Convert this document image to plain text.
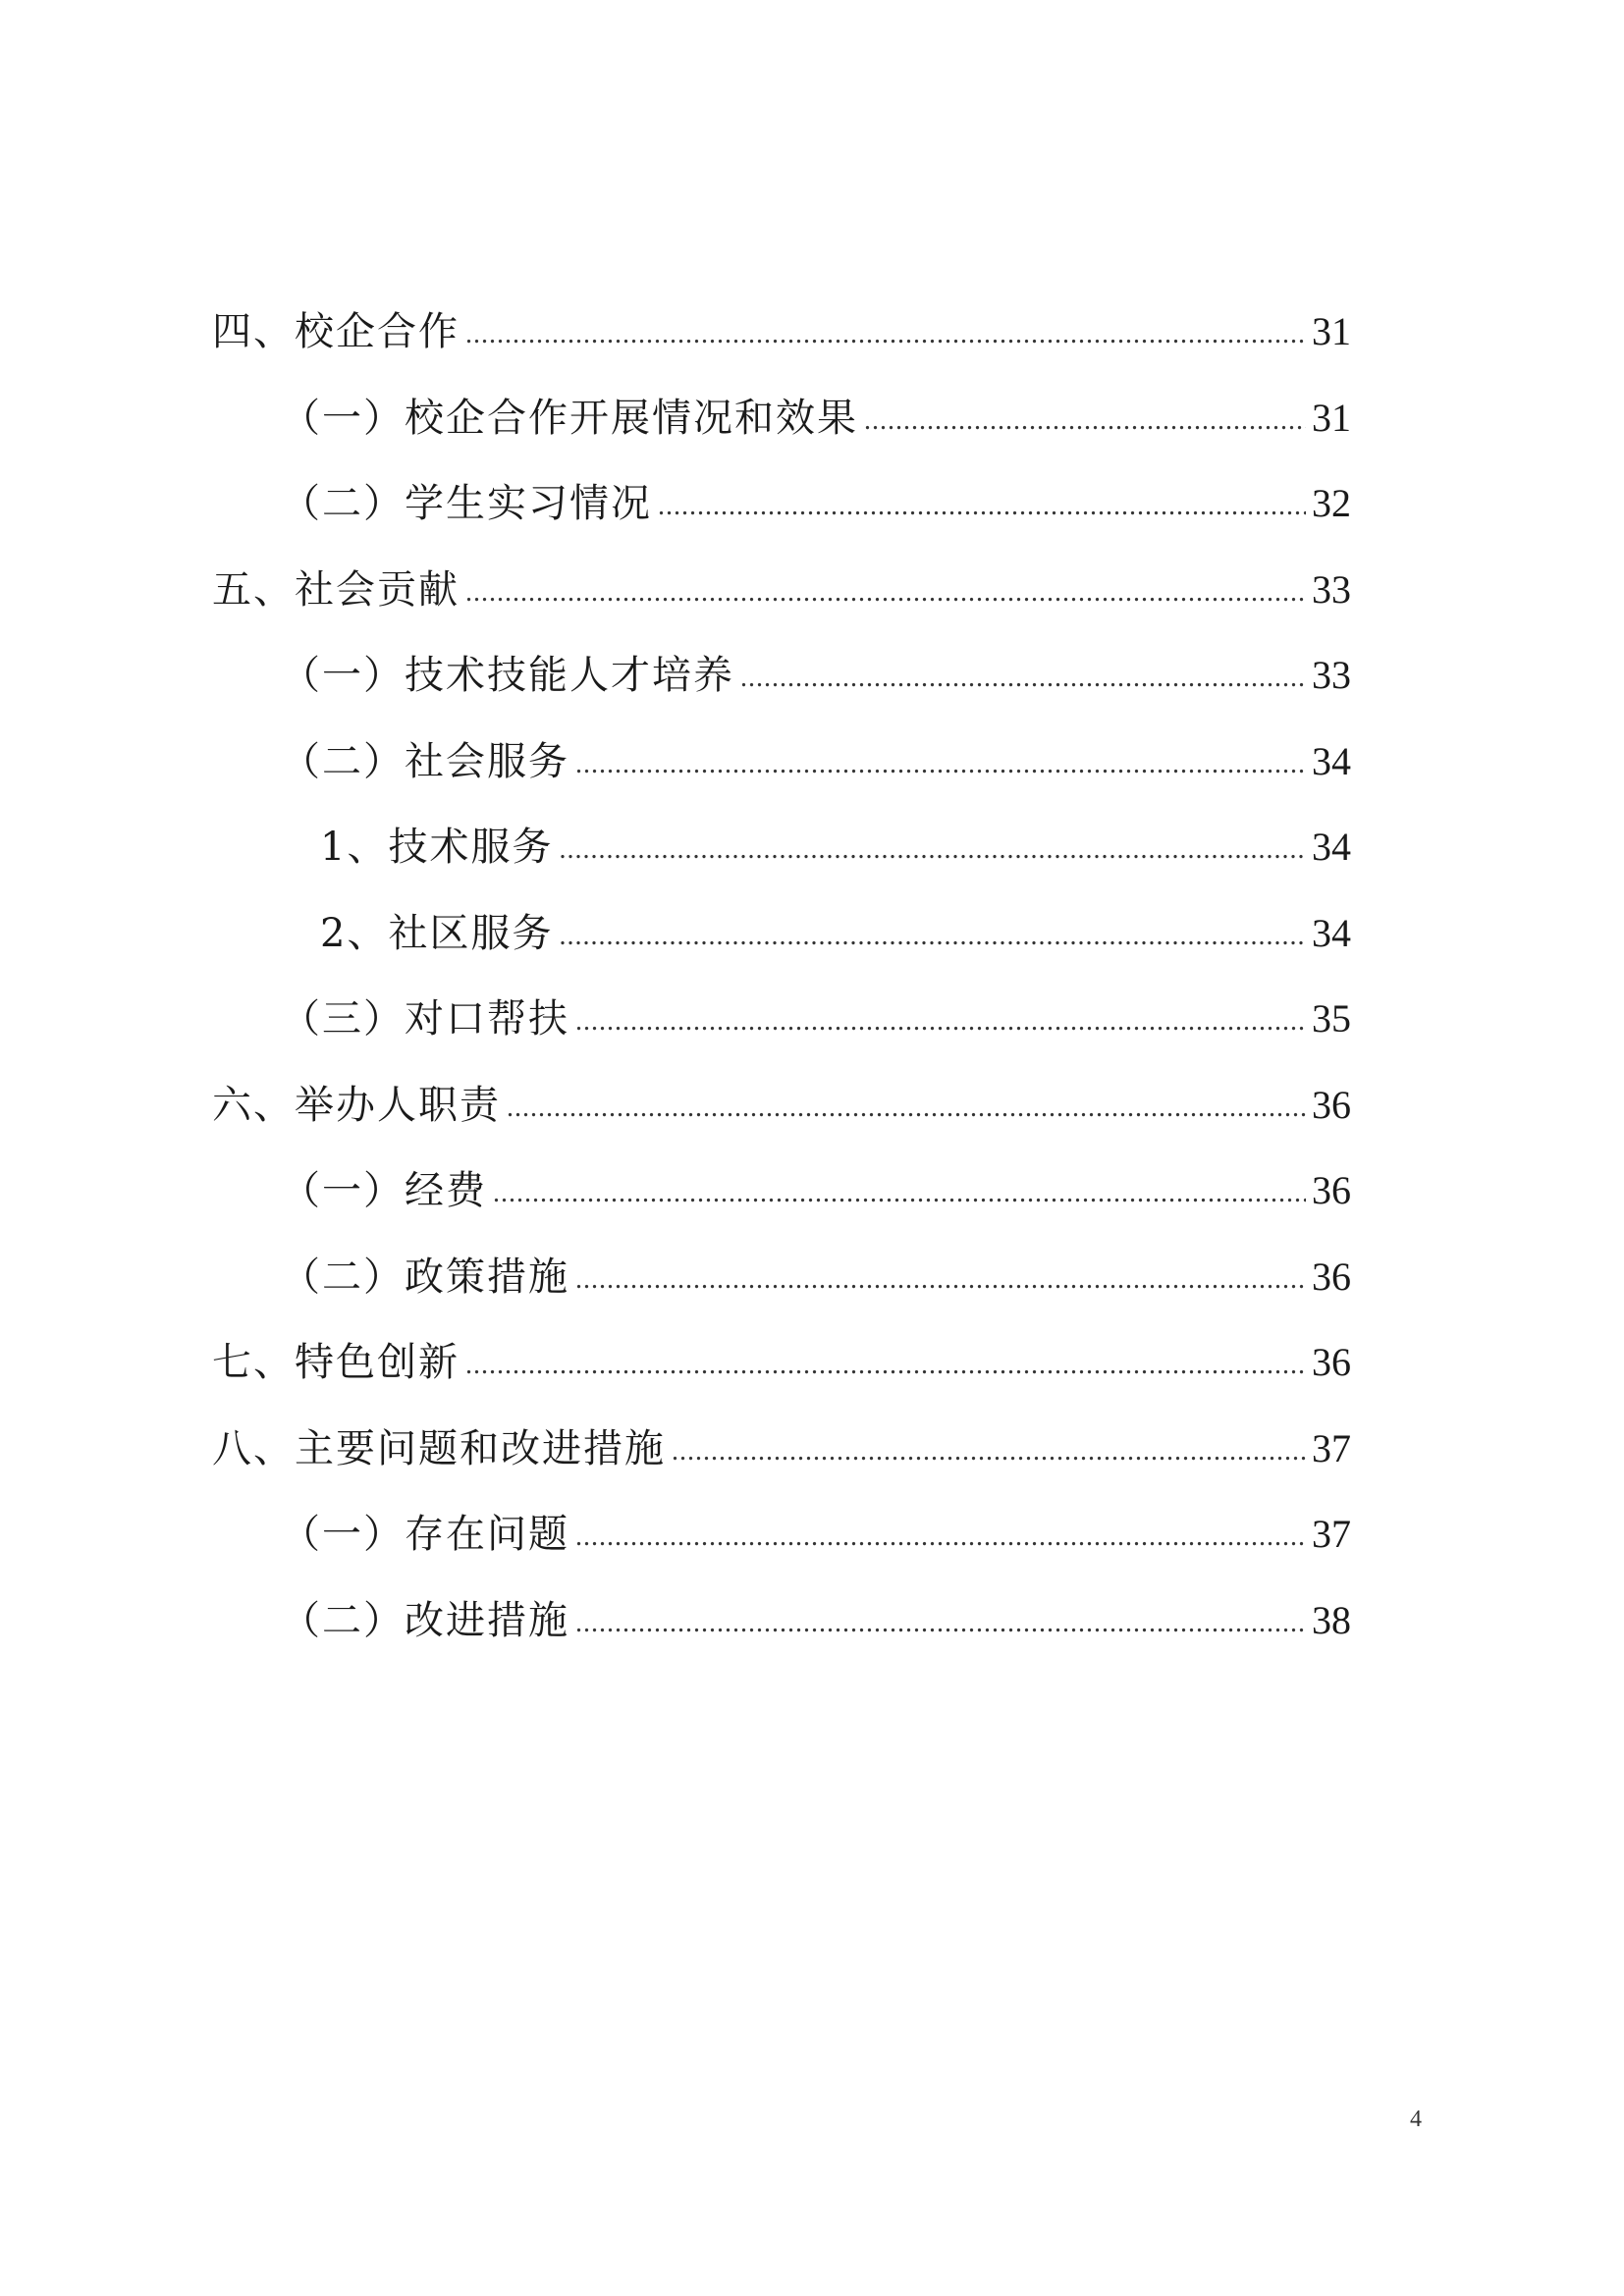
四、校企合作 .....	31
（一）校企合作开展情况和效果 .....	31
（二）学生实习情况 .....	32
五、社会贡献 .....	33
（一）技术技能人才培养 .....	33
（二）社会服务 .....	34
1、技术服务 .....	34
2、社区服务 .....	34
（三）对口帮扶 .....	35
六、举办人职责 .....	36
（一）经费 .....	36
（二）政策措施 .....	36
七、特色创新 .....	36
八、主要问题和改进措施 .....	37
（一）存在问题 .....	37
（二）改进措施 .....	38
4
